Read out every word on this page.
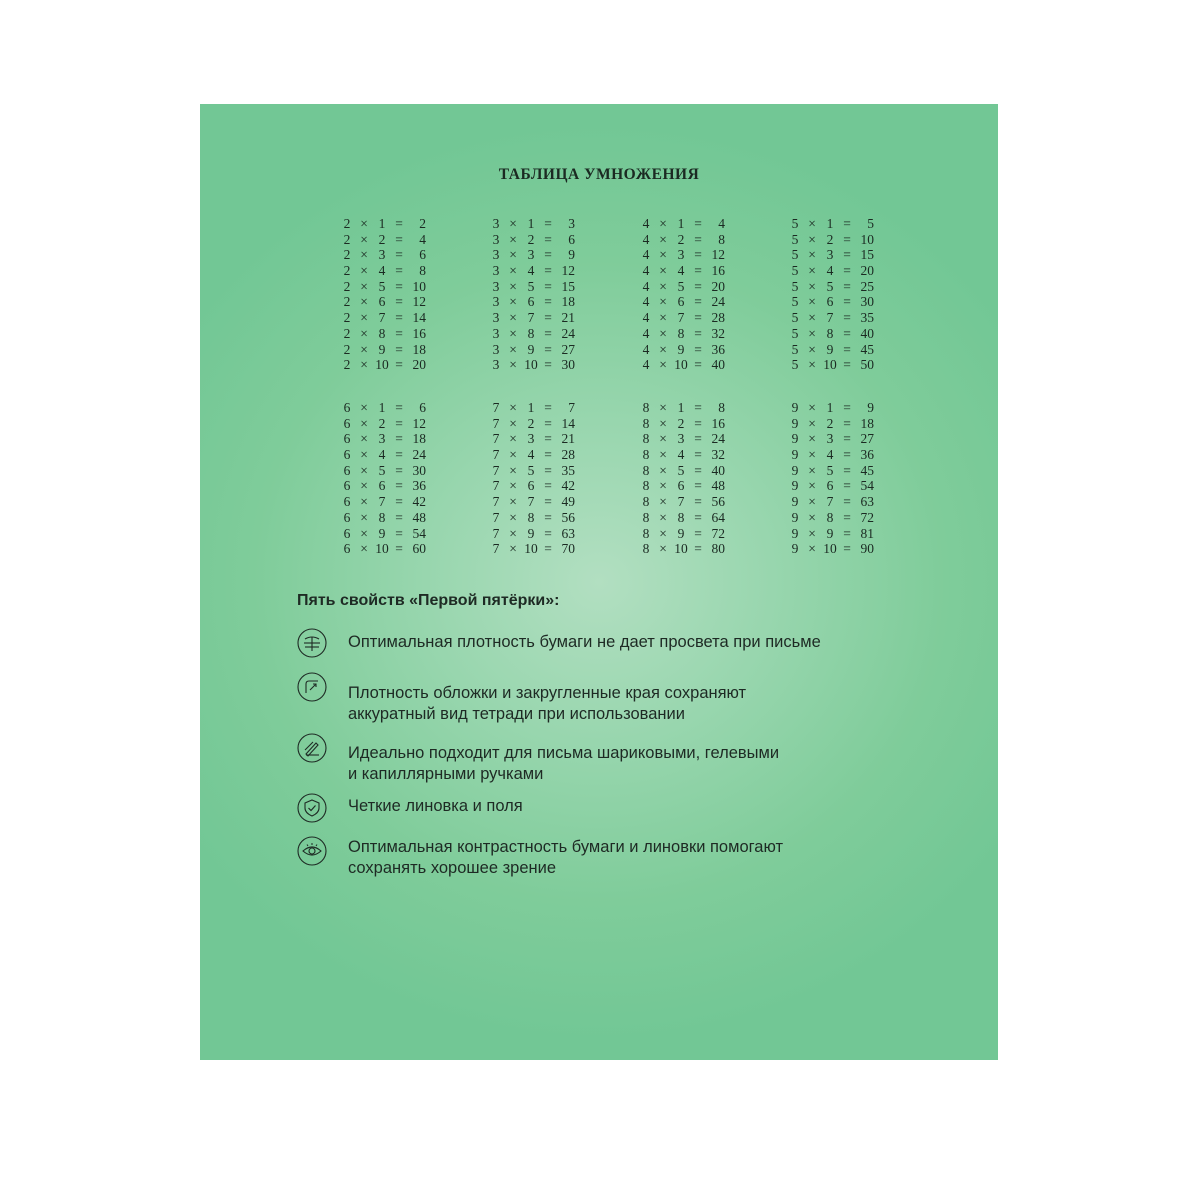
ТАБЛИЦА УМНОЖЕНИЯ
2 × 1 =	2
2 × 2 =	4
2 × 3 =	6
2 × 4 =	8
2 × 5 = 10
2 × 6 = 12
2 × 7 = 14
2 × 8 = 16
2 × 9 = 18
2 × 10 = 20
3 × 1 =	3
3 × 2 =	6
3 × 3 =	9
3 × 4 = 12
3 × 5 = 15
3 × 6 = 18
3 × 7 = 21
3 × 8 = 24
3 × 9 = 27
3 × 10 = 30
4 × 1 =	4
4 × 2 =	8
4 × 3 = 12
4 × 4 = 16
4 × 5 = 20
4 × 6 = 24
4 × 7 = 28
4 × 8 = 32
4 × 9 = 36
4 × 10 = 40
5 × 1 =	5
5 × 2 = 10
5 × 3 = 15
5 × 4 = 20
5 × 5 = 25
5 × 6 = 30
5 × 7 = 35
5 × 8 = 40
5 × 9 = 45
5 × 10 = 50
6 × 1 =	6
6 × 2 = 12
6 × 3 = 18
6 × 4 = 24
6 × 5 = 30
6 × 6 = 36
6 × 7 = 42
6 × 8 = 48
6 × 9 = 54
6 × 10 = 60
7 × 1 =	7
7 × 2 = 14
7 × 3 = 21
7 × 4 = 28
7 × 5 = 35
7 × 6 = 42
7 × 7 = 49
7 × 8 = 56
7 × 9 = 63
7 × 10 = 70
8 × 1 =	8
8 × 2 = 16
8 × 3 = 24
8 × 4 = 32
8 × 5 = 40
8 × 6 = 48
8 × 7 = 56
8 × 8 = 64
8 × 9 = 72
8 × 10 = 80
9 × 1 =	9
9 × 2 = 18
9 × 3 = 27
9 × 4 = 36
9 × 5 = 45
9 × 6 = 54
9 × 7 = 63
9 × 8 = 72
9 × 9 = 81
9 × 10 = 90
Пять свойств «Первой пятёрки»:
Оптимальная плотность бумаги не дает просвета при письме
Плотность обложки и закругленные края сохраняют
аккуратный вид тетради при использовании
Идеально подходит для письма шариковыми, гелевыми
и капиллярными ручками
Четкие линовка и поля
Оптимальная контрастность бумаги и линовки помогают
сохранять хорошее зрение
